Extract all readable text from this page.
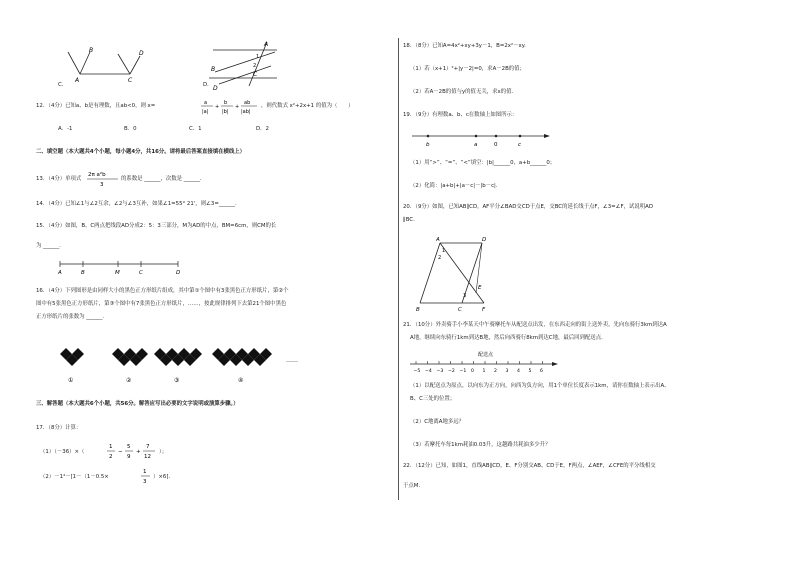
B	D
A	C
C．
A
B
1
2
C
D
D．
12．（4分）已知a、b是有理数，且ab<0，则 x=	a
|a|
+
b
|b|
+
ab
|ab|
，则代数式 x²+2x+1 的值为（　　）
A．-1	B．0	C．1	D．2
二、填空题（本大题共4个小题，每小题4分，共16分。请将最后答案直接填在横线上）
13．（4分）单项式
2π a²b
3
的系数是 ______，次数是 ______.
14．（4分）已知∠1与∠2互余，∠2与∠3互补，如果∠1=55° 21'，则∠3=______.
15．（4分）如图，B、C两点把线段AD分成2：5：3三部分，M为AD的中点，BM=6cm，则CM的长
为 ______.
A	B	M	C	D
16．（4分）下列图形是由同样大小的黑色正方形纸片组成，其中第①个图中有3张黑色正方形纸片，第②个
图中有5张黑色正方形纸片，第③个图中有7张黑色正方形纸片，……，按此规律排列下去第21个图中黑色
正方形纸片的张数为 ______.
……
①	②	③	④
三、解答题（本大题共6个小题，共56分。解答应写出必要的文字说明或演算步骤。）
17．（8分）计算：
（1）（－36）×（
1
2
−
5
9
+
7
12
）；
（2）－1⁴－[1－（1－0.5×
1
3
）×6].
18．（8分）已知A=4x²+xy+3y－1，B=2x²－xy.
（1）若（x+1）²+|y－2|=0，求A－2B的值；
（2）若A－2B的值与y的值无关，求x的值.
19．（9分）有理数a、b、c在数轴上如图所示：
b	a	0	c
（1）用“>”、“=”、“<”填空：|b|______0，a+b______0；
（2）化简：|a+b|+|a－c|－|b－c|.
20．（9分）如图，已知AB∥CD，AF平分∠BAD交CD于点E，交BC的延长线于点F，∠3=∠F，试说明AD
∥BC.
A	D
1
2
3
B	C	F
E
21．（10分）外卖骑手小李某天中午骑摩托车从配送点出发，在东西走向的街上送外卖，先向东骑行3km到达A
A地，继续向东骑行1km到达B地，然后向西骑行8km到达C地，最后回到配送点.
配送点
−5 −4 −3 −2 −1 0 1 2 3 4 5 6
（1）以配送点为原点，以向东为正方向，向西为负方向，用1个单位长度表示1km，请你在数轴上表示出A、
B、C三处的位置；
（2）C地离A地多远？
（3）若摩托车每1km耗油0.03升，这趟路共耗油多少升？
22．（12分）已知，如图1，直线AB∥CD，E、F分别交AB、CD于E，F两点，∠AEF，∠CFE的平分线相交
于点M.
